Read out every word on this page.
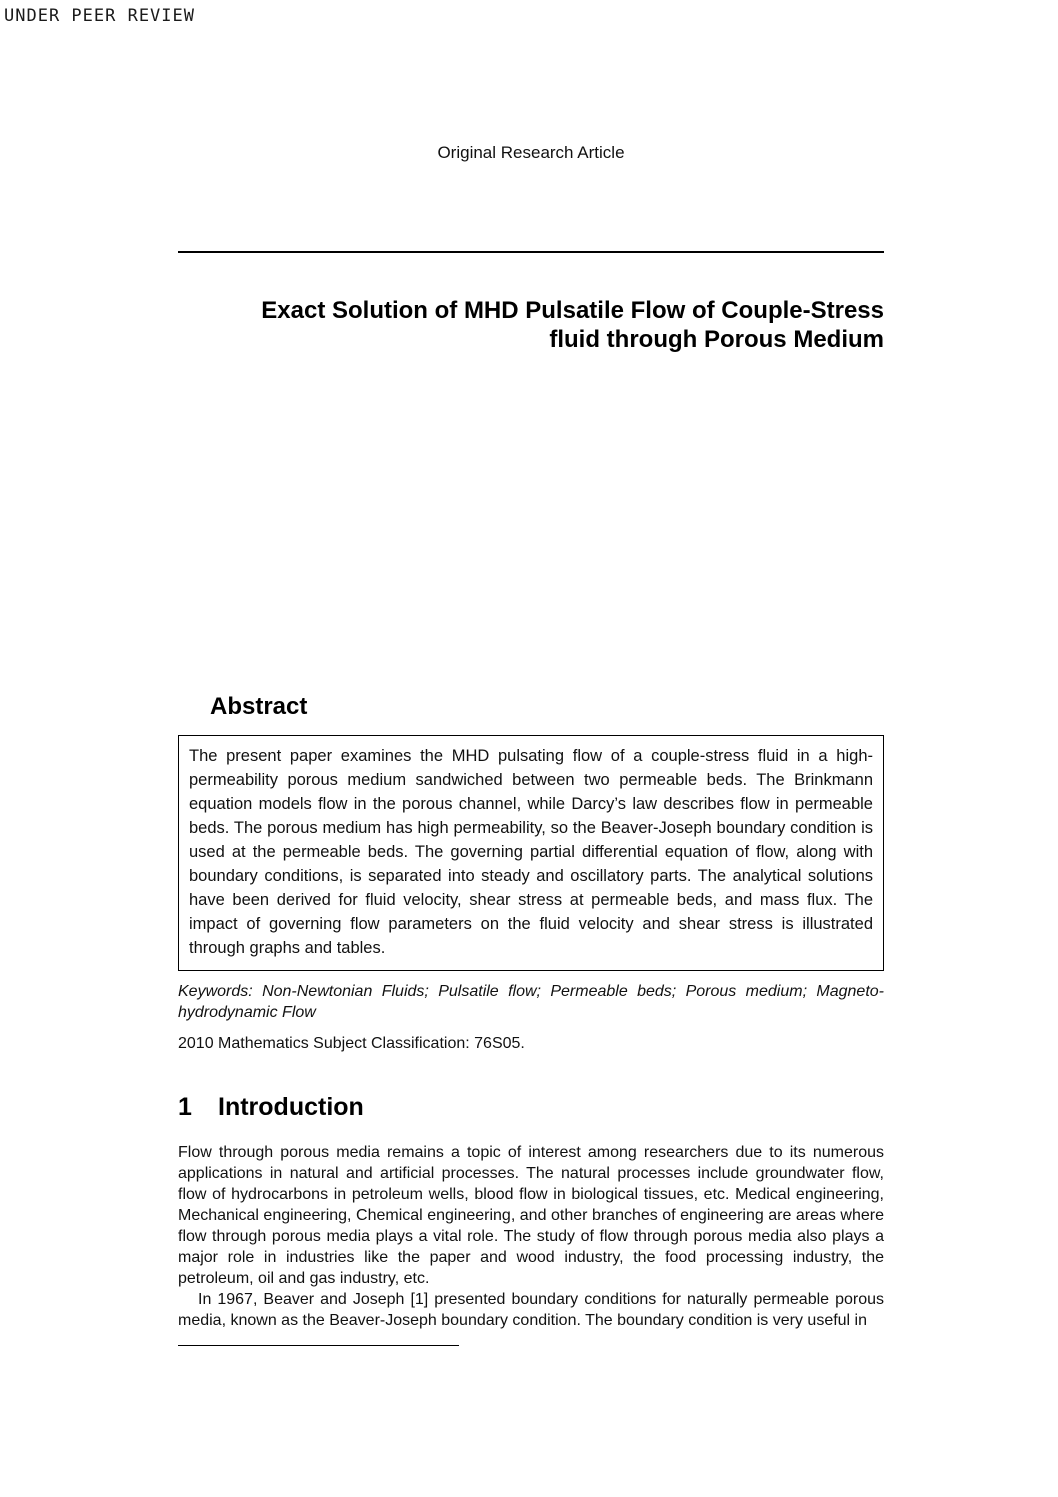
UNDER PEER REVIEW
Original Research Article
Exact Solution of MHD Pulsatile Flow of Couple-Stress
fluid through Porous Medium
Abstract
The present paper examines the MHD pulsating flow of a couple-stress fluid in a high-permeability porous medium sandwiched between two permeable beds. The Brinkmann equation models flow in the porous channel, while Darcy’s law describes flow in permeable beds. The porous medium has high permeability, so the Beaver-Joseph boundary condition is used at the permeable beds. The governing partial differential equation of flow, along with boundary conditions, is separated into steady and oscillatory parts. The analytical solutions have been derived for fluid velocity, shear stress at permeable beds, and mass flux. The impact of governing flow parameters on the fluid velocity and shear stress is illustrated through graphs and tables.
Keywords: Non-Newtonian Fluids; Pulsatile flow; Permeable beds; Porous medium; Magneto-hydrodynamic Flow
2010 Mathematics Subject Classification: 76S05.
1 Introduction
Flow through porous media remains a topic of interest among researchers due to its numerous applications in natural and artificial processes. The natural processes include groundwater flow, flow of hydrocarbons in petroleum wells, blood flow in biological tissues, etc. Medical engineering, Mechanical engineering, Chemical engineering, and other branches of engineering are areas where flow through porous media plays a vital role. The study of flow through porous media also plays a major role in industries like the paper and wood industry, the food processing industry, the petroleum, oil and gas industry, etc.
In 1967, Beaver and Joseph [1] presented boundary conditions for naturally permeable porous media, known as the Beaver-Joseph boundary condition. The boundary condition is very useful in
